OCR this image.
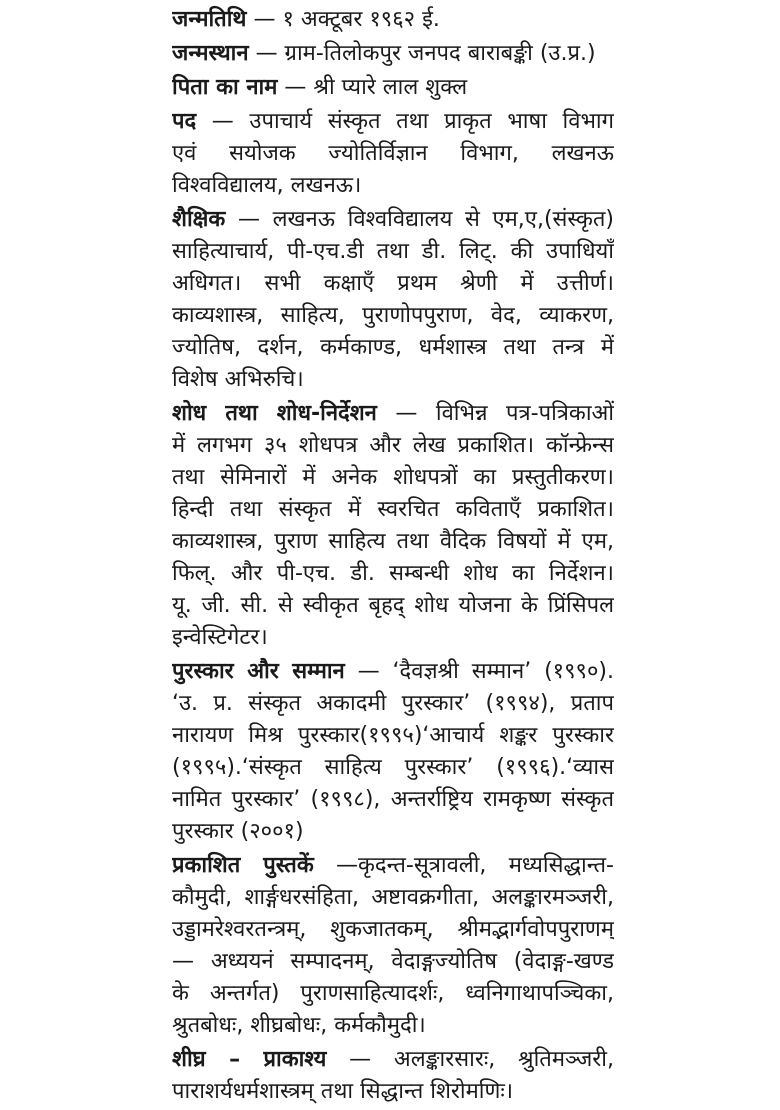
जन्मतिथि — १ अक्टूबर १९६२ ई.
जन्मस्थान — ग्राम-तिलोकपुर जनपद बाराबङ्की (उ.प्र.)
पिता का नाम — श्री प्यारे लाल शुक्ल
पद — उपाचार्य संस्कृत तथा प्राकृत भाषा विभाग
एवं सयोजक ज्योतिर्विज्ञान विभाग, लखनऊ
विश्वविद्यालय, लखनऊ।
शैक्षिक — लखनऊ विश्वविद्यालय से एम,ए,(संस्कृत)
साहित्याचार्य, पी-एच.डी तथा डी. लिट्. की उपाधियाँ
अधिगत। सभी कक्षाएँ प्रथम श्रेणी में उत्तीर्ण।
काव्यशास्त्र, साहित्य, पुराणोपपुराण, वेद, व्याकरण,
ज्योतिष, दर्शन, कर्मकाण्ड, धर्मशास्त्र तथा तन्त्र में
विशेष अभिरुचि।
शोध तथा शोध-निर्देशन — विभिन्न पत्र-पत्रिकाओं
में लगभग ३५ शोधपत्र और लेख प्रकाशित। कॉन्फ्रेन्स
तथा सेमिनारों में अनेक शोधपत्रों का प्रस्तुतीकरण।
हिन्दी तथा संस्कृत में स्वरचित कविताएँ प्रकाशित।
काव्यशास्त्र, पुराण साहित्य तथा वैदिक विषयों में एम,
फिल्. और पी-एच. डी. सम्बन्धी शोध का निर्देशन।
यू. जी. सी. से स्वीकृत बृहद् शोध योजना के प्रिंसिपल
इन्वेस्टिगेटर।
पुरस्कार और सम्मान — ‘दैवज्ञश्री सम्मान’ (१९९०).
‘उ. प्र. संस्कृत अकादमी पुरस्कार’ (१९९४), प्रताप
नारायण मिश्र पुरस्कार(१९९५)‘आचार्य शङ्कर पुरस्कार
(१९९५).‘संस्कृत साहित्य पुरस्कार’ (१९९६).‘व्यास
नामित पुरस्कार’ (१९९८), अन्तर्राष्ट्रिय रामकृष्ण संस्कृत
पुरस्कार (२००१)
प्रकाशित पुस्तकें —कृदन्त-सूत्रावली, मध्यसिद्धान्त-
कौमुदी, शार्ङ्गधरसंहिता, अष्टावक्रगीता, अलङ्कारमञ्जरी,
उड्डामरेश्वरतन्त्रम्, शुकजातकम्, श्रीमद्भार्गवोपपुराणम्
— अध्ययनं सम्पादनम्, वेदाङ्गज्योतिष (वेदाङ्ग-खण्ड
के अन्तर्गत) पुराणसाहित्यादर्शः, ध्वनिगाथापञ्चिका,
श्रुतबोधः, शीघ्रबोधः, कर्मकौमुदी।
शीघ्र – प्राकाश्य — अलङ्कारसारः, श्रुतिमञ्जरी,
पाराशर्यधर्मशास्त्रम् तथा सिद्धान्त शिरोमणिः।
